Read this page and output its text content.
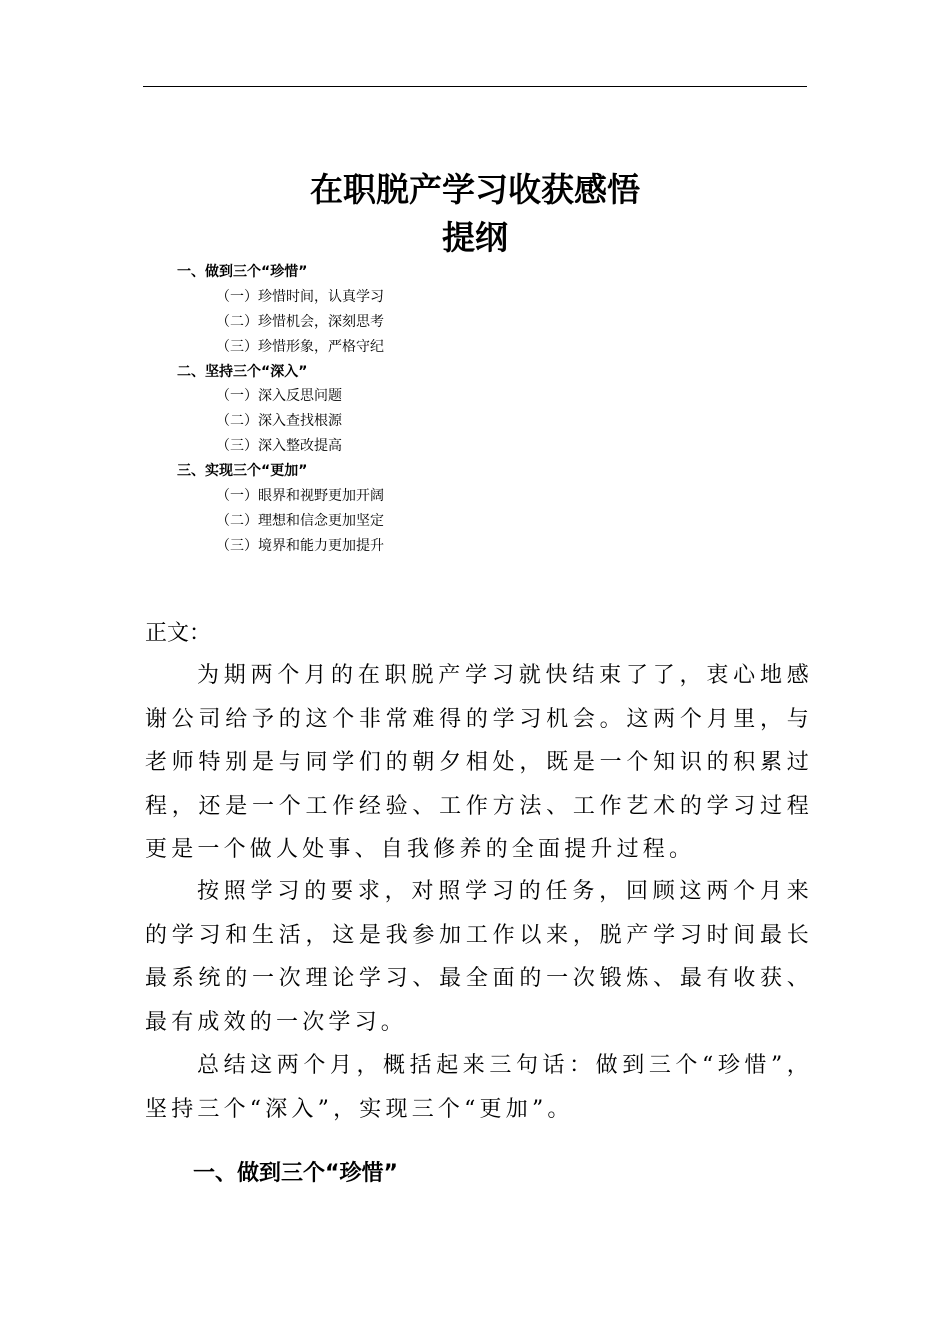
在职脱产学习收获感悟
提纲
一、做到三个“珍惜”
（一）珍惜时间，认真学习
（二）珍惜机会，深刻思考
（三）珍惜形象，严格守纪
二、坚持三个“深入”
（一）深入反思问题
（二）深入查找根源
（三）深入整改提高
三、实现三个“更加”
（一）眼界和视野更加开阔
（二）理想和信念更加坚定
（三）境界和能力更加提升
正文：
为期两个月的在职脱产学习就快结束了了，衷心地感谢公司给予的这个非常难得的学习机会。这两个月里，与老师特别是与同学们的朝夕相处，既是一个知识的积累过程，还是一个工作经验、工作方法、工作艺术的学习过程更是一个做人处事、自我修养的全面提升过程。
按照学习的要求，对照学习的任务，回顾这两个月来的学习和生活，这是我参加工作以来，脱产学习时间最长最系统的一次理论学习、最全面的一次锻炼、最有收获、最有成效的一次学习。
总结这两个月，概括起来三句话：做到三个“珍惜”，坚持三个“深入”，实现三个“更加”。
一、做到三个“珍惜”
